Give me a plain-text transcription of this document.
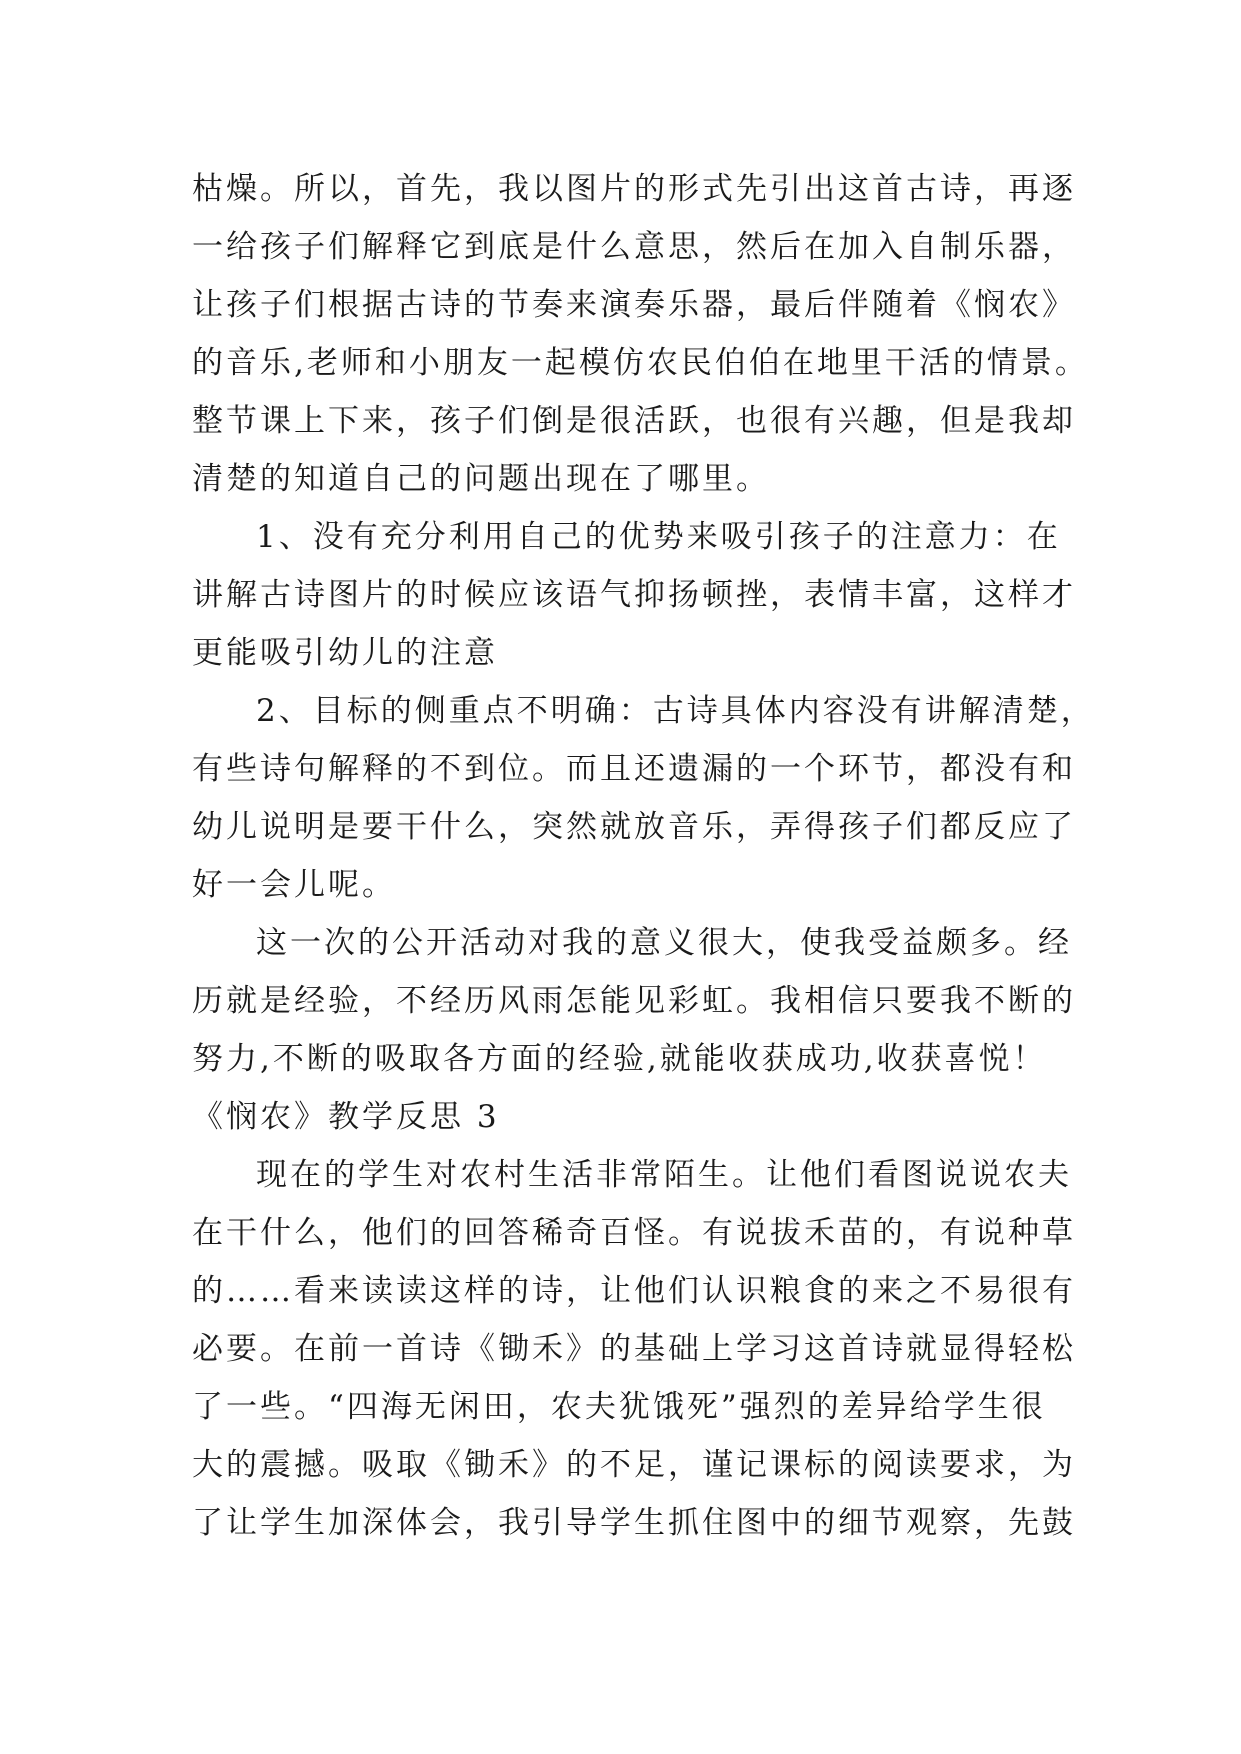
枯燥。所以，首先，我以图片的形式先引出这首古诗，再逐
一给孩子们解释它到底是什么意思，然后在加入自制乐器，
让孩子们根据古诗的节奏来演奏乐器，最后伴随着《悯农》
的音乐,老师和小朋友一起模仿农民伯伯在地里干活的情景。
整节课上下来，孩子们倒是很活跃，也很有兴趣，但是我却
清楚的知道自己的问题出现在了哪里。
1、没有充分利用自己的优势来吸引孩子的注意力：在
讲解古诗图片的时候应该语气抑扬顿挫，表情丰富，这样才
更能吸引幼儿的注意
2、目标的侧重点不明确：古诗具体内容没有讲解清楚，
有些诗句解释的不到位。而且还遗漏的一个环节，都没有和
幼儿说明是要干什么，突然就放音乐，弄得孩子们都反应了
好一会儿呢。
这一次的公开活动对我的意义很大，使我受益颇多。经
历就是经验，不经历风雨怎能见彩虹。我相信只要我不断的
努力,不断的吸取各方面的经验,就能收获成功,收获喜悦！
《悯农》教学反思 3
现在的学生对农村生活非常陌生。让他们看图说说农夫
在干什么，他们的回答稀奇百怪。有说拔禾苗的，有说种草
的……看来读读这样的诗，让他们认识粮食的来之不易很有
必要。在前一首诗《锄禾》的基础上学习这首诗就显得轻松
了一些。“四海无闲田，农夫犹饿死”强烈的差异给学生很
大的震撼。吸取《锄禾》的不足，谨记课标的阅读要求，为
了让学生加深体会，我引导学生抓住图中的细节观察，先鼓
